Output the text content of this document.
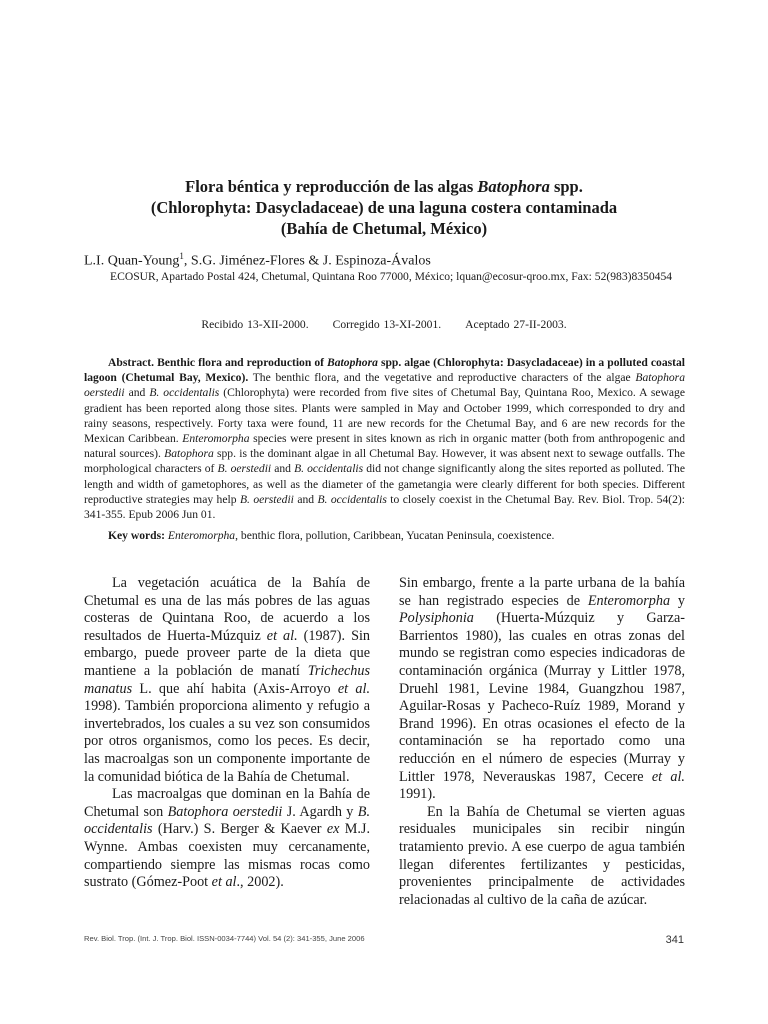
Flora béntica y reproducción de las algas Batophora spp.
(Chlorophyta: Dasycladaceae) de una laguna costera contaminada
(Bahía de Chetumal, México)
L.I. Quan-Young$^1$, S.G. Jiménez-Flores & J. Espinoza-Ávalos
ECOSUR, Apartado Postal 424, Chetumal, Quintana Roo 77000, México; lquan@ecosur-qroo.mx, Fax: 52(983)8350454
Recibido 13-XII-2000. Corregido 13-XI-2001. Aceptado 27-II-2003.
Abstract. Benthic flora and reproduction of Batophora spp. algae (Chlorophyta: Dasycladaceae) in a polluted coastal lagoon (Chetumal Bay, Mexico). The benthic flora, and the vegetative and reproductive characters of the algae Batophora oerstedii and B. occidentalis (Chlorophyta) were recorded from five sites of Chetumal Bay, Quintana Roo, Mexico. A sewage gradient has been reported along those sites. Plants were sampled in May and October 1999, which corresponded to dry and rainy seasons, respectively. Forty taxa were found, 11 are new records for the Chetumal Bay, and 6 are new records for the Mexican Caribbean. Enteromorpha species were present in sites known as rich in organic matter (both from anthropogenic and natural sources). Batophora spp. is the dominant algae in all Chetumal Bay. However, it was absent next to sewage outfalls. The morphological characters of B. oerstedii and B. occidentalis did not change significantly along the sites reported as polluted. The length and width of gametophores, as well as the diameter of the gametangia were clearly different for both species. Different reproductive strategies may help B. oerstedii and B. occidentalis to closely coexist in the Chetumal Bay. Rev. Biol. Trop. 54(2): 341-355. Epub 2006 Jun 01.
Key words: Enteromorpha, benthic flora, pollution, Caribbean, Yucatan Peninsula, coexistence.

La vegetación acuática de la Bahía de Chetumal es una de las más pobres de las aguas costeras de Quintana Roo, de acuerdo a los resultados de Huerta-Múzquiz et al. (1987). Sin embargo, puede proveer parte de la dieta que mantiene a la población de manatí Trichechus manatus L. que ahí habita (Axis-Arroyo et al. 1998). También proporciona alimento y refugio a invertebrados, los cuales a su vez son consumidos por otros organismos, como los peces. Es decir, las macroalgas son un componente importante de la comunidad biótica de la Bahía de Chetumal.

Las macroalgas que dominan en la Bahía de Chetumal son Batophora oerstedii J. Agardh y B. occidentalis (Harv.) S. Berger & Kaever ex M.J. Wynne. Ambas coexisten muy cercanamente, compartiendo siempre las mismas rocas como sustrato (Gómez-Poot et al., 2002).

Sin embargo, frente a la parte urbana de la bahía se han registrado especies de Enteromorpha y Polysiphonia (Huerta-Múzquiz y Garza-Barrientos 1980), las cuales en otras zonas del mundo se registran como especies indicadoras de contaminación orgánica (Murray y Littler 1978, Druehl 1981, Levine 1984, Guangzhou 1987, Aguilar-Rosas y Pacheco-Ruíz 1989, Morand y Brand 1996). En otras ocasiones el efecto de la contaminación se ha reportado como una reducción en el número de especies (Murray y Littler 1978, Neverauskas 1987, Cecere et al. 1991).

En la Bahía de Chetumal se vierten aguas residuales municipales sin recibir ningún tratamiento previo. A ese cuerpo de agua también llegan diferentes fertilizantes y pesticidas, provenientes principalmente de actividades relacionadas al cultivo de la caña de azúcar.

Rev. Biol. Trop. (Int. J. Trop. Biol. ISSN-0034-7744) Vol. 54 (2): 341-355, June 2006	341
